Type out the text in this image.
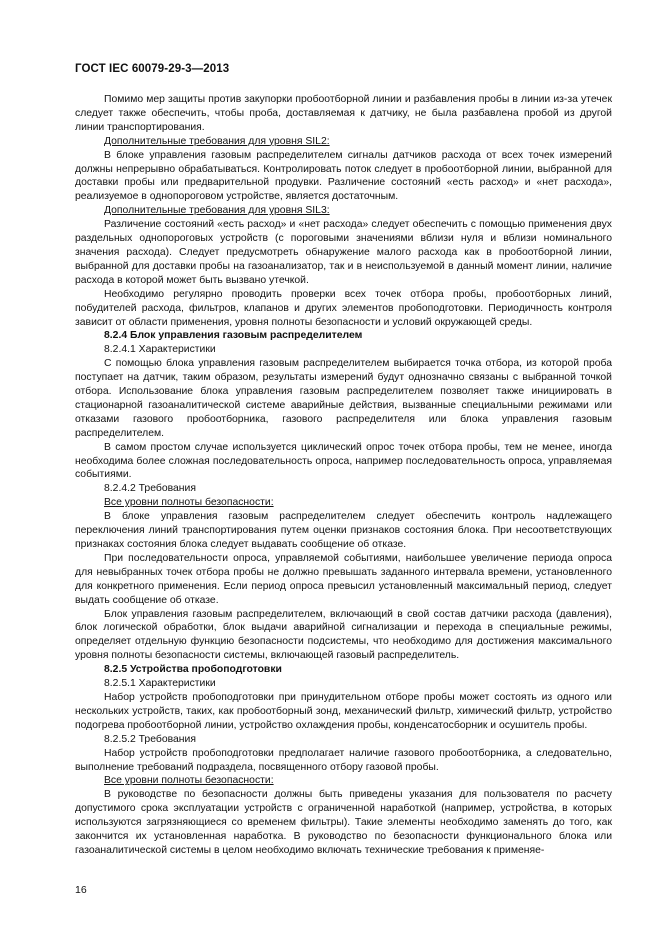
ГОСТ IEC 60079-29-3—2013

Помимо мер защиты против закупорки пробоотборной линии и разбавления пробы в линии из-за утечек следует также обеспечить, чтобы проба, доставляемая к датчику, не была разбавлена пробой из другой линии транспортирования.

Дополнительные требования для уровня SIL2:

В блоке управления газовым распределителем сигналы датчиков расхода от всех точек измерений должны непрерывно обрабатываться. Контролировать поток следует в пробоотборной линии, выбранной для доставки пробы или предварительной продувки. Различение состояний «есть расход» и «нет расхода», реализуемое в однопороговом устройстве, является достаточным.

Дополнительные требования для уровня SIL3:

Различение состояний «есть расход» и «нет расхода» следует обеспечить с помощью применения двух раздельных однопороговых устройств (с пороговыми значениями вблизи нуля и вблизи номинального значения расхода). Следует предусмотреть обнаружение малого расхода как в пробоотборной линии, выбранной для доставки пробы на газоанализатор, так и в неиспользуемой в данный момент линии, наличие расхода в которой может быть вызвано утечкой.

Необходимо регулярно проводить проверки всех точек отбора пробы, пробоотборных линий, побудителей расхода, фильтров, клапанов и других элементов пробоподготовки. Периодичность контроля зависит от области применения, уровня полноты безопасности и условий окружающей среды.

8.2.4 Блок управления газовым распределителем

8.2.4.1 Характеристики

С помощью блока управления газовым распределителем выбирается точка отбора, из которой проба поступает на датчик, таким образом, результаты измерений будут однозначно связаны с выбранной точкой отбора. Использование блока управления газовым распределителем позволяет также инициировать в стационарной газоаналитической системе аварийные действия, вызванные специальными режимами или отказами газового пробоотборника, газового распределителя или блока управления газовым распределителем.

В самом простом случае используется циклический опрос точек отбора пробы, тем не менее, иногда необходима более сложная последовательность опроса, например последовательность опроса, управляемая событиями.

8.2.4.2 Требования

Все уровни полноты безопасности:

В блоке управления газовым распределителем следует обеспечить контроль надлежащего переключения линий транспортирования путем оценки признаков состояния блока. При несоответствующих признаках состояния блока следует выдавать сообщение об отказе.

При последовательности опроса, управляемой событиями, наибольшее увеличение периода опроса для невыбранных точек отбора пробы не должно превышать заданного интервала времени, установленного для конкретного применения. Если период опроса превысил установленный максимальный период, следует выдать сообщение об отказе.

Блок управления газовым распределителем, включающий в свой состав датчики расхода (давления), блок логической обработки, блок выдачи аварийной сигнализации и перехода в специальные режимы, определяет отдельную функцию безопасности подсистемы, что необходимо для достижения максимального уровня полноты безопасности системы, включающей газовый распределитель.

8.2.5 Устройства пробоподготовки

8.2.5.1 Характеристики

Набор устройств пробоподготовки при принудительном отборе пробы может состоять из одного или нескольких устройств, таких, как пробоотборный зонд, механический фильтр, химический фильтр, устройство подогрева пробоотборной линии, устройство охлаждения пробы, конденсатосборник и осушитель пробы.

8.2.5.2 Требования

Набор устройств пробоподготовки предполагает наличие газового пробоотборника, а следовательно, выполнение требований подраздела, посвященного отбору газовой пробы.

Все уровни полноты безопасности:

В руководстве по безопасности должны быть приведены указания для пользователя по расчету допустимого срока эксплуатации устройств с ограниченной наработкой (например, устройства, в которых используются загрязняющиеся со временем фильтры). Такие элементы необходимо заменять до того, как закончится их установленная наработка. В руководство по безопасности функционального блока или газоаналитической системы в целом необходимо включать технические требования к применяе-

16
